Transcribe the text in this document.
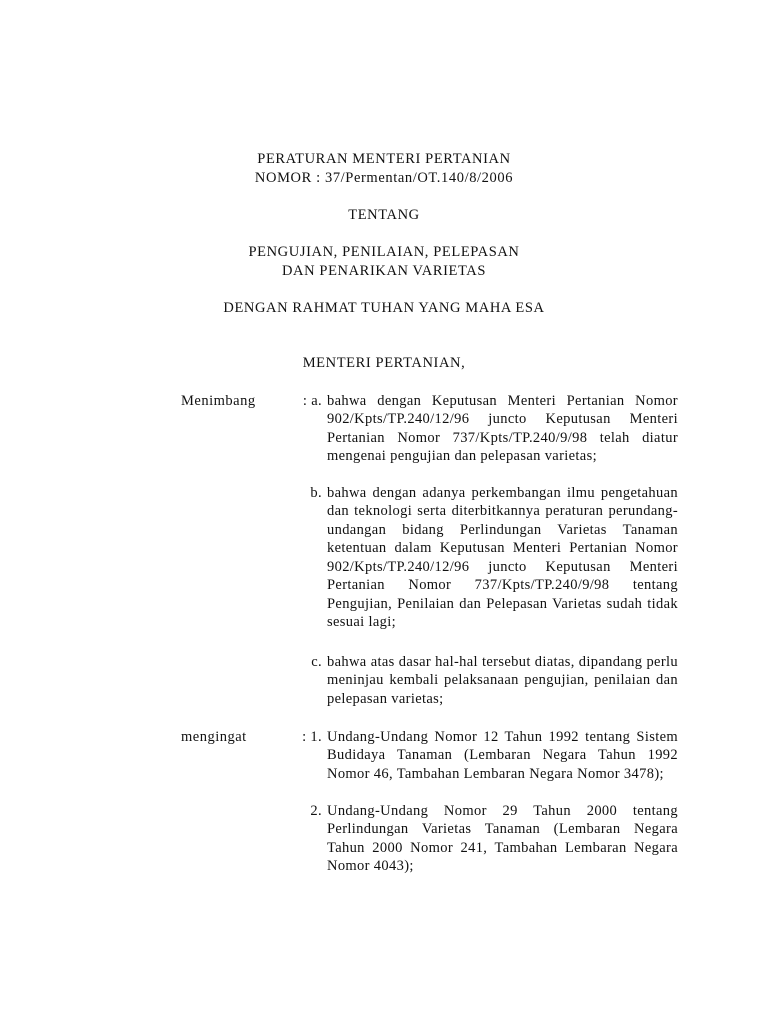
PERATURAN MENTERI PERTANIAN
NOMOR : 37/Permentan/OT.140/8/2006
TENTANG
PENGUJIAN, PENILAIAN, PELEPASAN
DAN PENARIKAN VARIETAS
DENGAN RAHMAT TUHAN YANG MAHA ESA
MENTERI PERTANIAN,
Menimbang	: a. bahwa dengan Keputusan Menteri Pertanian Nomor 902/Kpts/TP.240/12/96 juncto Keputusan Menteri Pertanian Nomor 737/Kpts/TP.240/9/98 telah diatur mengenai pengujian dan pelepasan varietas;
b. bahwa dengan adanya perkembangan ilmu pengetahuan dan teknologi serta diterbitkannya peraturan perundang-undangan bidang Perlindungan Varietas Tanaman ketentuan dalam Keputusan Menteri Pertanian Nomor 902/Kpts/TP.240/12/96 juncto Keputusan Menteri Pertanian Nomor 737/Kpts/TP.240/9/98 tentang Pengujian, Penilaian dan Pelepasan Varietas sudah tidak sesuai lagi;
c. bahwa atas dasar hal-hal tersebut diatas, dipandang perlu meninjau kembali pelaksanaan pengujian, penilaian dan pelepasan varietas;
mengingat	: 1. Undang-Undang Nomor 12 Tahun 1992 tentang Sistem Budidaya Tanaman (Lembaran Negara Tahun 1992 Nomor 46, Tambahan Lembaran Negara Nomor 3478);
2. Undang-Undang Nomor 29 Tahun 2000 tentang Perlindungan Varietas Tanaman (Lembaran Negara Tahun 2000 Nomor 241, Tambahan Lembaran Negara Nomor 4043);
